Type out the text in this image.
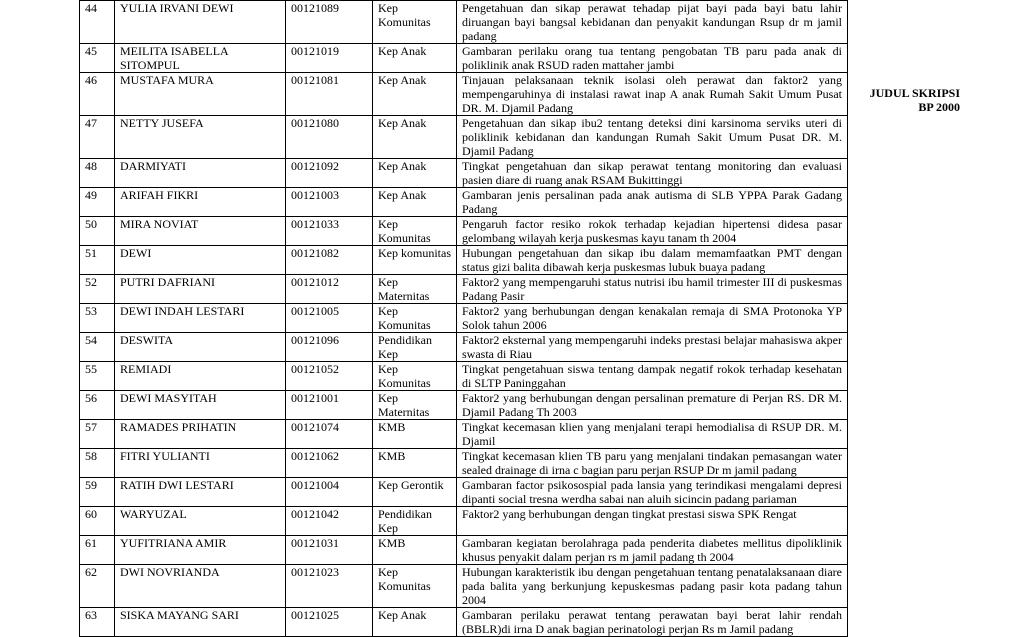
JUDUL SKRIPSI BP 2000
44	YULIA IRVANI DEWI	00121089	Kep Komunitas	Pengetahuan dan sikap perawat tehadap pijat bayi pada bayi batu lahir diruangan bayi bangsal kebidanan dan penyakit kandungan Rsup dr m jamil padang
45	MEILITA ISABELLA SITOMPUL	00121019	Kep Anak	Gambaran perilaku orang tua tentang pengobatan TB paru pada anak di poliklinik anak RSUD raden mattaher jambi
46	MUSTAFA MURA	00121081	Kep Anak	Tinjauan pelaksanaan teknik isolasi oleh perawat dan faktor2 yang mempengaruhinya di instalasi rawat inap A anak Rumah Sakit Umum Pusat DR. M. Djamil Padang
47	NETTY JUSEFA	00121080	Kep Anak	Pengetahuan dan sikap ibu2 tentang deteksi dini karsinoma serviks uteri di poliklinik kebidanan dan kandungan Rumah Sakit Umum Pusat DR. M. Djamil Padang
48	DARMIYATI	00121092	Kep Anak	Tingkat pengetahuan dan sikap perawat tentang monitoring dan evaluasi pasien diare di ruang anak RSAM Bukittinggi
49	ARIFAH FIKRI	00121003	Kep Anak	Gambaran jenis persalinan pada anak autisma di SLB YPPA Parak Gadang Padang
50	MIRA NOVIAT	00121033	Kep Komunitas	Pengaruh factor resiko rokok terhadap kejadian hipertensi didesa pasar gelombang wilayah kerja puskesmas kayu tanam th 2004
51	DEWI	00121082	Kep komunitas	Hubungan pengetahuan dan sikap ibu dalam memamfaatkan PMT dengan status gizi balita dibawah kerja puskesmas lubuk buaya padang
52	PUTRI DAFRIANI	00121012	Kep Maternitas	Faktor2 yang mempengaruhi status nutrisi ibu hamil trimester III di puskesmas Padang Pasir
53	DEWI INDAH LESTARI	00121005	Kep Komunitas	Faktor2 yang berhubungan dengan kenakalan remaja di SMA Protonoka YP Solok tahun 2006
54	DESWITA	00121096	Pendidikan Kep	Faktor2 eksternal yang mempengaruhi indeks prestasi belajar mahasiswa akper swasta di Riau
55	REMIADI	00121052	Kep Komunitas	Tingkat pengetahuan siswa tentang dampak negatif rokok terhadap kesehatan di SLTP Paninggahan
56	DEWI MASYITAH	00121001	Kep Maternitas	Faktor2 yang berhubungan dengan persalinan premature di Perjan RS. DR M. Djamil Padang Th 2003
57	RAMADES PRIHATIN	00121074	KMB	Tingkat kecemasan klien yang menjalani terapi hemodialisa di RSUP DR. M. Djamil
58	FITRI YULIANTI	00121062	KMB	Tingkat kecemasan klien TB paru yang menjalani tindakan pemasangan water sealed drainage di irna c bagian paru perjan RSUP Dr m jamil padang
59	RATIH DWI LESTARI	00121004	Kep Gerontik	Gambaran factor psikosospial pada lansia yang terindikasi mengalami depresi dipanti social tresna werdha sabai nan aluih sicincin padang pariaman
60	WARYUZAL	00121042	Pendidikan Kep	Faktor2 yang berhubungan dengan tingkat prestasi siswa SPK Rengat
61	YUFITRIANA AMIR	00121031	KMB	Gambaran kegiatan berolahraga pada penderita diabetes mellitus dipoliklinik khusus penyakit dalam perjan rs m jamil padang th 2004
62	DWI NOVRIANDA	00121023	Kep Komunitas	Hubungan karakteristik ibu dengan pengetahuan tentang penatalaksanaan diare pada balita yang berkunjung kepuskesmas padang pasir kota padang tahun 2004
63	SISKA MAYANG SARI	00121025	Kep Anak	Gambaran perilaku perawat tentang perawatan bayi berat lahir rendah (BBLR)di irna D anak bagian perinatologi perjan Rs m Jamil padang
